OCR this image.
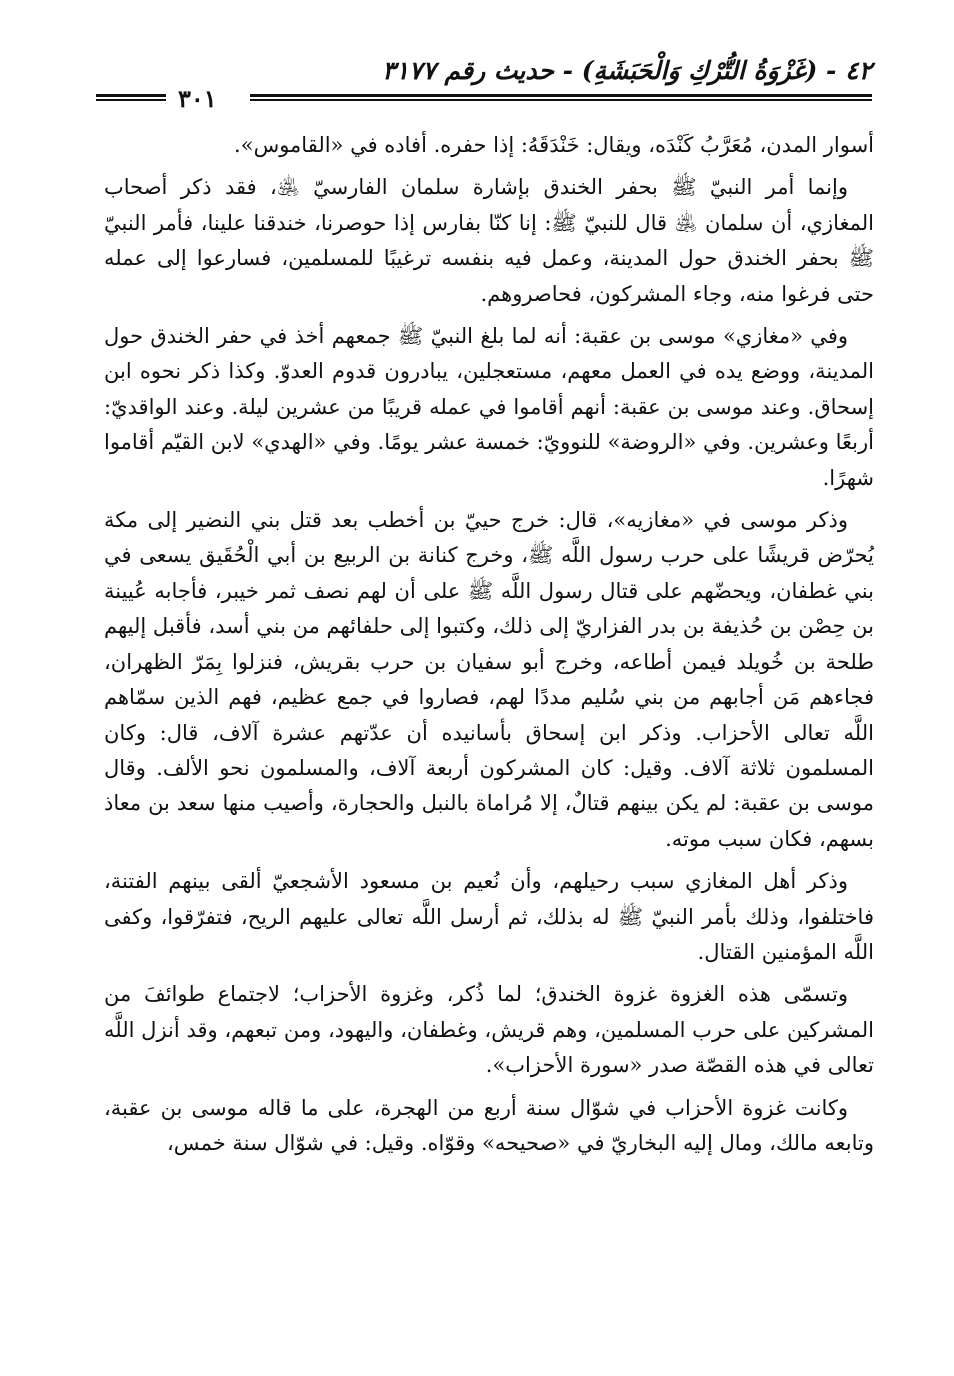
٤٢ - (غَزْوَةُ التُّرْكِ وَالْحَبَشَةِ) - حديث رقم ٣١٧٧
٣٠١

أسوار المدن، مُعَرَّبُ كَنْدَه، ويقال: خَنْدَقَهُ: إذا حفره. أفاده في «القاموس».

وإنما أمر النبيّ ﷺ بحفر الخندق بإشارة سلمان الفارسيّ ﵁، فقد ذكر أصحاب المغازي، أن سلمان ﵁ قال للنبيّ ﷺ: إنا كنّا بفارس إذا حوصرنا، خندقنا علينا، فأمر النبيّ ﷺ بحفر الخندق حول المدينة، وعمل فيه بنفسه ترغيبًا للمسلمين، فسارعوا إلى عمله حتى فرغوا منه، وجاء المشركون، فحاصروهم.

وفي «مغازي» موسى بن عقبة: أنه لما بلغ النبيّ ﷺ جمعهم أخذ في حفر الخندق حول المدينة، ووضع يده في العمل معهم، مستعجلين، يبادرون قدوم العدوّ. وكذا ذكر نحوه ابن إسحاق. وعند موسى بن عقبة: أنهم أقاموا في عمله قريبًا من عشرين ليلة. وعند الواقديّ: أربعًا وعشرين. وفي «الروضة» للنوويّ: خمسة عشر يومًا. وفي «الهدي» لابن القيّم أقاموا شهرًا.

وذكر موسى في «مغازيه»، قال: خرج حييّ بن أخطب بعد قتل بني النضير إلى مكة يُحرّض قريشًا على حرب رسول اللَّه ﷺ، وخرج كنانة بن الربيع بن أبي الْحُقَيق يسعى في بني غطفان، ويحضّهم على قتال رسول اللَّه ﷺ على أن لهم نصف ثمر خيبر، فأجابه عُيينة بن حِصْن بن حُذيفة بن بدر الفزاريّ إلى ذلك، وكتبوا إلى حلفائهم من بني أسد، فأقبل إليهم طلحة بن خُويلد فيمن أطاعه، وخرج أبو سفيان بن حرب بقريش، فنزلوا بِمَرّ الظهران، فجاءهم مَن أجابهم من بني سُليم مددًا لهم، فصاروا في جمع عظيم، فهم الذين سمّاهم اللَّه تعالى الأحزاب. وذكر ابن إسحاق بأسانيده أن عدّتهم عشرة آلاف، قال: وكان المسلمون ثلاثة آلاف. وقيل: كان المشركون أربعة آلاف، والمسلمون نحو الألف. وقال موسى بن عقبة: لم يكن بينهم قتالٌ، إلا مُراماة بالنبل والحجارة، وأصيب منها سعد بن معاذ بسهم، فكان سبب موته.

وذكر أهل المغازي سبب رحيلهم، وأن نُعيم بن مسعود الأشجعيّ ألقى بينهم الفتنة، فاختلفوا، وذلك بأمر النبيّ ﷺ له بذلك، ثم أرسل اللَّه تعالى عليهم الريح، فتفرّقوا، وكفى اللَّه المؤمنين القتال.

وتسمّى هذه الغزوة غزوة الخندق؛ لما ذُكر، وغزوة الأحزاب؛ لاجتماع طوائفَ من المشركين على حرب المسلمين، وهم قريش، وغطفان، واليهود، ومن تبعهم، وقد أنزل اللَّه تعالى في هذه القصّة صدر «سورة الأحزاب».

وكانت غزوة الأحزاب في شوّال سنة أربع من الهجرة، على ما قاله موسى بن عقبة، وتابعه مالك، ومال إليه البخاريّ في «صحيحه» وقوّاه. وقيل: في شوّال سنة خمس،
